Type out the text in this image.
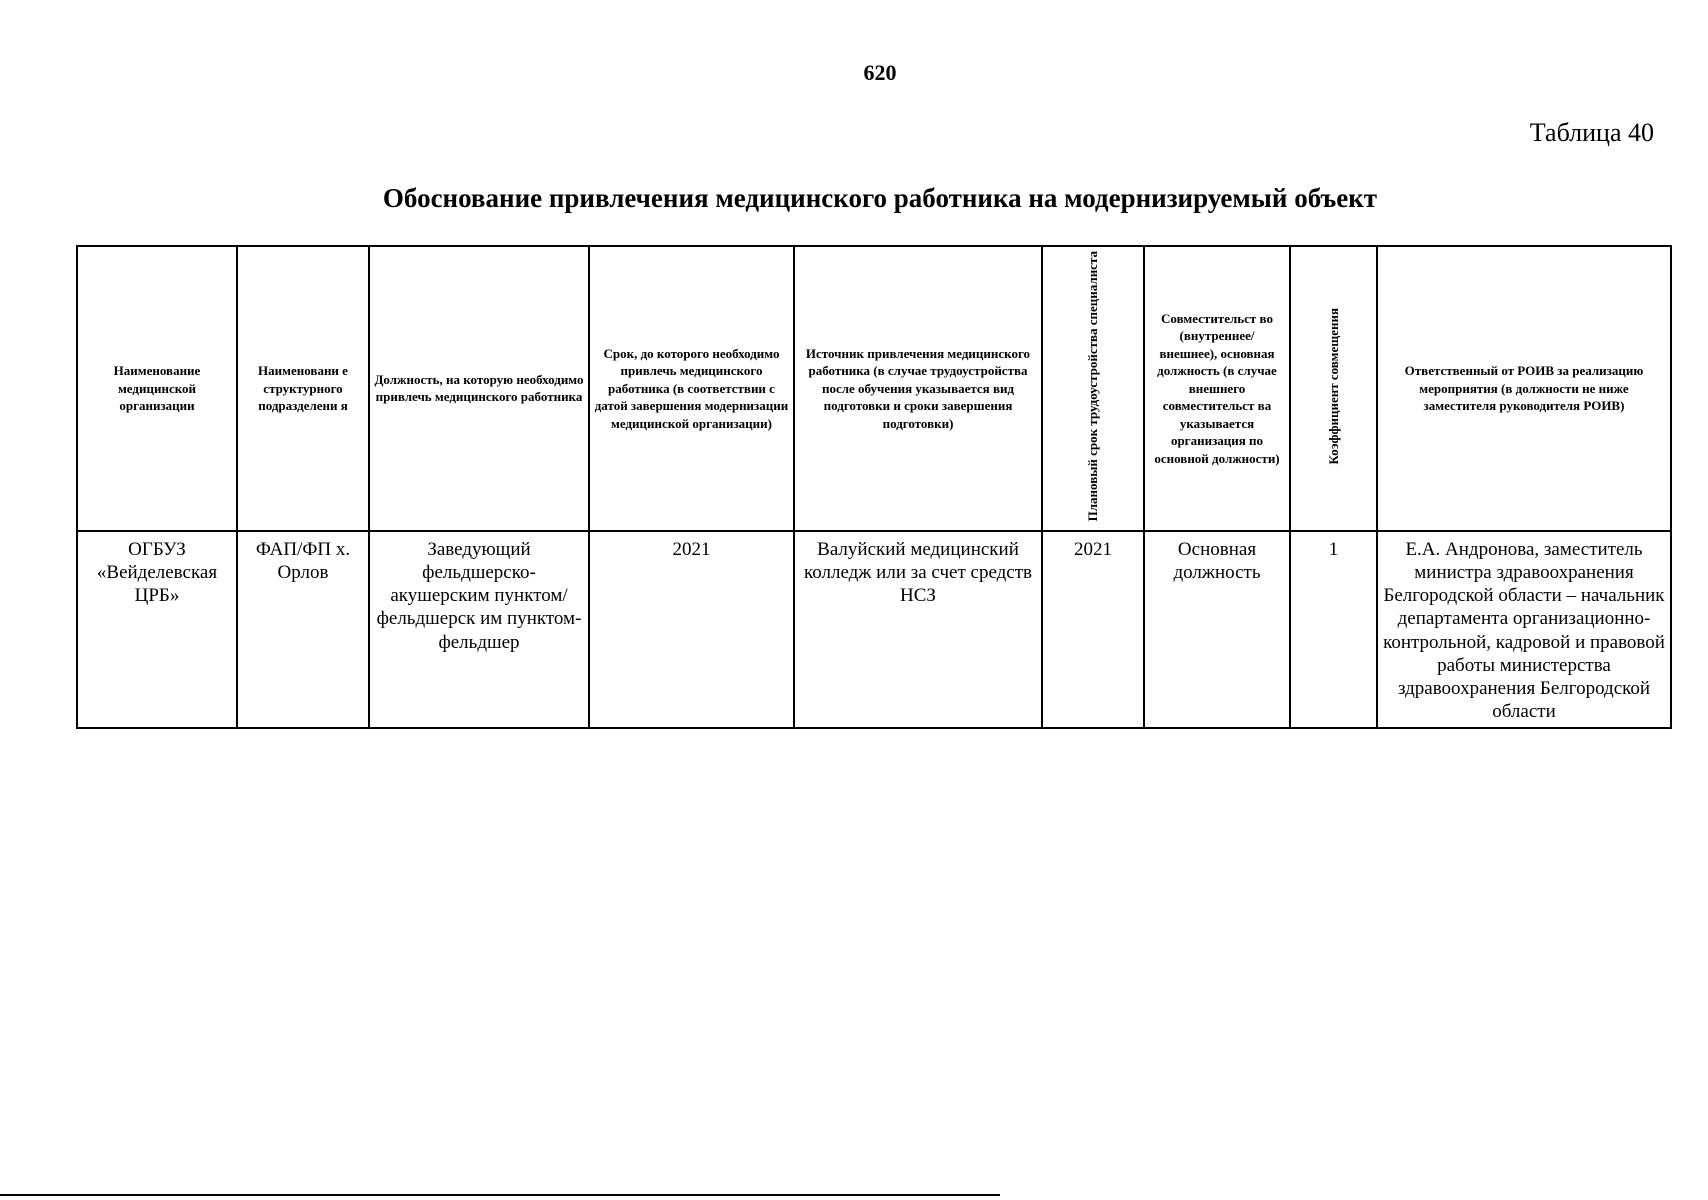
620
Таблица 40
Обоснование привлечения медицинского работника на модернизируемый объект
Наименование медицинской организации	Наименовани е структурного подразделени я	Должность, на которую необходимо привлечь медицинского работника	Срок, до которого необходимо привлечь медицинского работника (в соответствии с датой завершения модернизации медицинской организации)	Источник привлечения медицинского работника (в случае трудоустройства после обучения указывается вид подготовки и сроки завершения подготовки)	Плановый срок трудоустройства специалиста	Совместительст во (внутреннее/ внешнее), основная должность (в случае внешнего совместительст ва указывается организация по основной должности)	Коэффициент совмещения	Ответственный от РОИВ за реализацию мероприятия (в должности не ниже заместителя руководителя РОИВ)
ОГБУЗ «Вейделевская ЦРБ»	ФАП/ФП х. Орлов	Заведующий фельдшерско-акушерским пунктом/фельдшерск им пунктом-фельдшер	2021	Валуйский медицинский колледж или за счет средств НСЗ	2021	Основная должность	1	Е.А. Андронова, заместитель министра здравоохранения Белгородской области – начальник департамента организационно-контрольной, кадровой и правовой работы министерства здравоохранения Белгородской области
